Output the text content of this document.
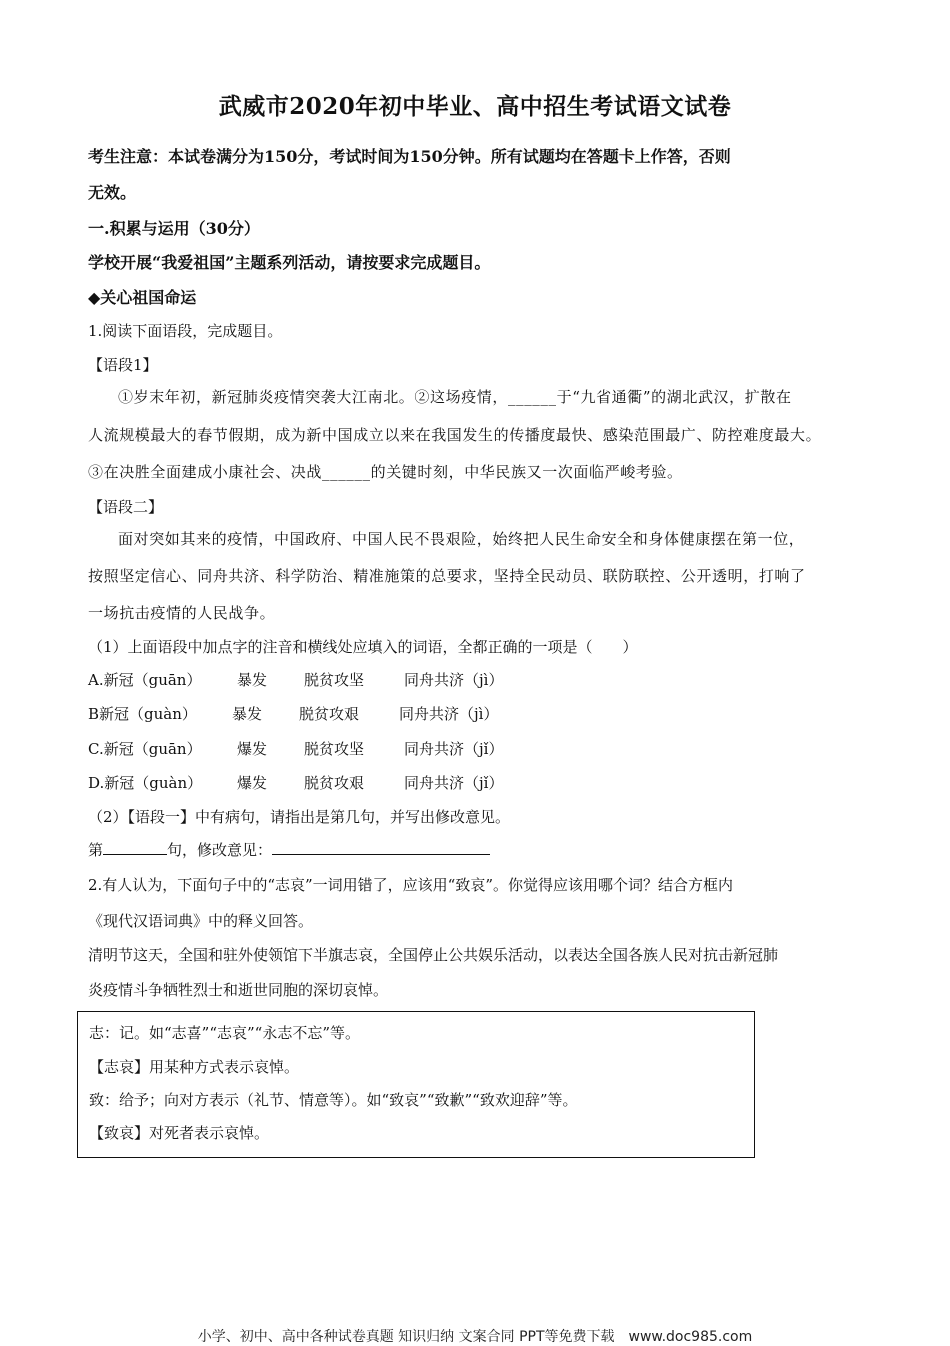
武威市2020年初中毕业、高中招生考试语文试卷
考生注意：本试卷满分为150分，考试时间为150分钟。所有试题均在答题卡上作答，否则
无效。
一.积累与运用（30分）
学校开展“我爱祖国”主题系列活动，请按要求完成题目。
◆关心祖国命运
1.阅读下面语段，完成题目。
【语段1】
①岁末年初，新冠肺炎疫情突袭大江南北。②这场疫情，______于“九省通衢”的湖北武汉，扩散在
人流规模最大的春节假期，成为新中国成立以来在我国发生的传播度最快、感染范围最广、防控难度最大。
③在决胜全面建成小康社会、决战______的关键时刻，中华民族又一次面临严峻考验。
【语段二】
面对突如其来的疫情，中国政府、中国人民不畏艰险，始终把人民生命安全和身体健康摆在第一位，
按照坚定信心、同舟共济、科学防治、精准施策的总要求，坚持全民动员、联防联控、公开透明，打响了
一场抗击疫情的人民战争。
（1）上面语段中加点字的注音和横线处应填入的词语，全都正确的一项是（　　）
A.新冠（guān） 暴发 脱贫攻坚	同舟共济（jì）
B新冠（guàn） 暴发 脱贫攻艰	同舟共济（jì）
C.新冠（guān） 爆发 脱贫攻坚	同舟共济（jǐ）
D.新冠（guàn） 爆发 脱贫攻艰	同舟共济（jǐ）
（2）【语段一】中有病句，请指出是第几句，并写出修改意见。
第	句，修改意见：
2.有人认为，下面句子中的“志哀”一词用错了，应该用“致哀”。你觉得应该用哪个词？结合方框内
《现代汉语词典》中的释义回答。
清明节这天，全国和驻外使领馆下半旗志哀，全国停止公共娱乐活动，以表达全国各族人民对抗击新冠肺
炎疫情斗争牺牲烈士和逝世同胞的深切哀悼。
志：记。如“志喜”“志哀”“永志不忘”等。
【志哀】用某种方式表示哀悼。
致：给予；向对方表示（礼节、情意等）。如“致哀”“致歉”“致欢迎辞”等。
【致哀】对死者表示哀悼。
小学、初中、高中各种试卷真题 知识归纳 文案合同 PPT等免费下载　www.doc985.com
